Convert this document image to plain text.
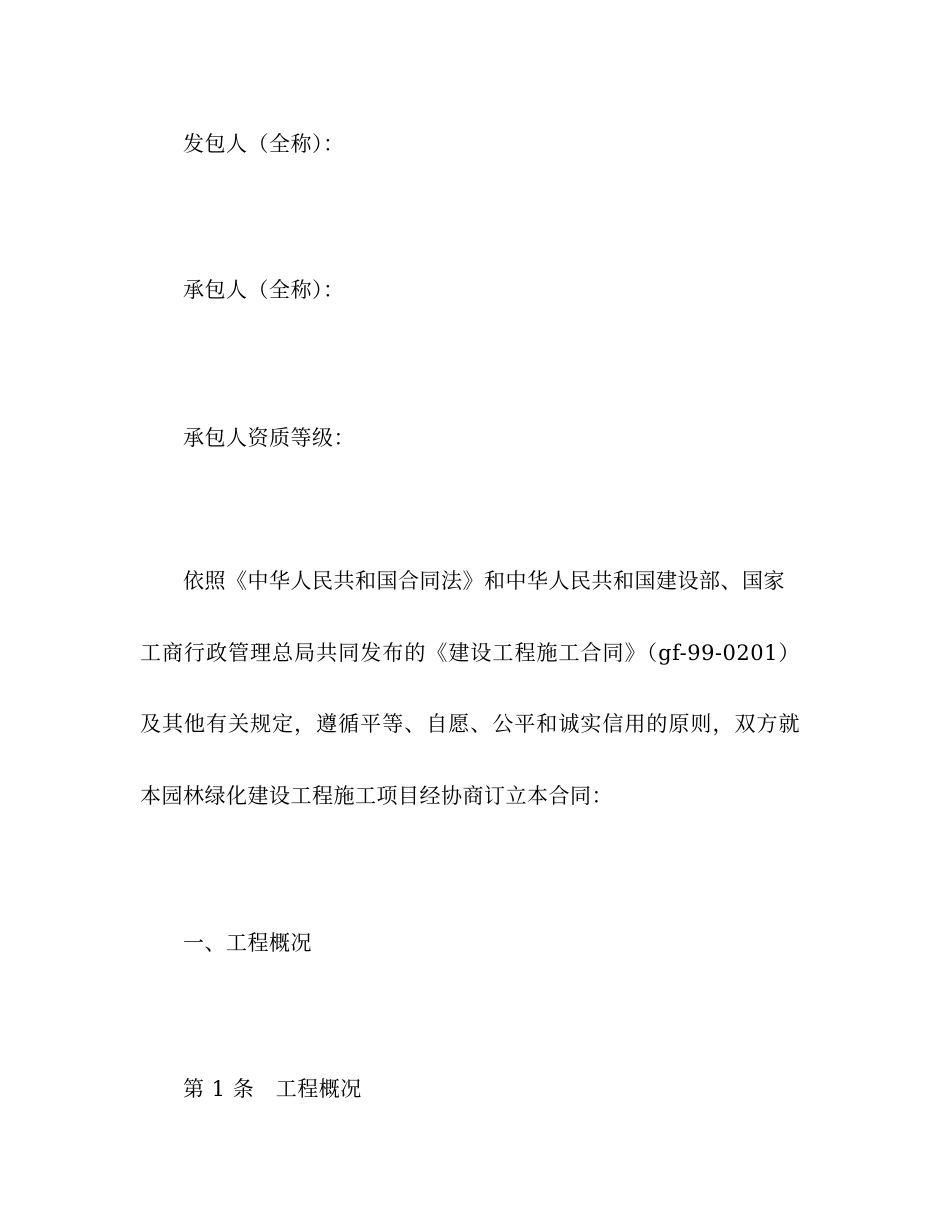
发包人（全称）：
承包人（全称）：
承包人资质等级：
依照《中华人民共和国合同法》和中华人民共和国建设部、国家
工商行政管理总局共同发布的《建设工程施工合同》（gf-99-0201）
及其他有关规定，遵循平等、自愿、公平和诚实信用的原则，双方就
本园林绿化建设工程施工项目经协商订立本合同：
一、工程概况
第 1 条　工程概况
